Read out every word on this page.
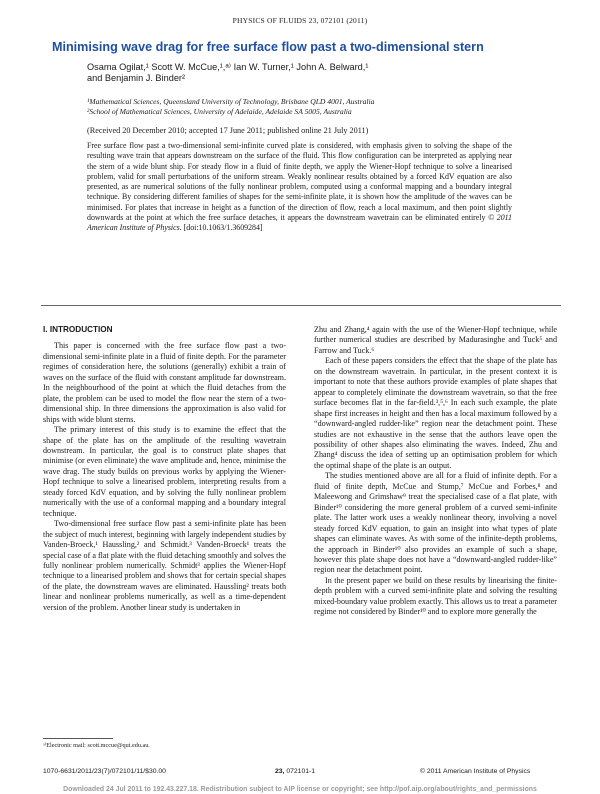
PHYSICS OF FLUIDS 23, 072101 (2011)
Minimising wave drag for free surface flow past a two-dimensional stern
Osama Ogilat,¹ Scott W. McCue,¹,ᵃ⁾ Ian W. Turner,¹ John A. Belward,¹
and Benjamin J. Binder²
¹Mathematical Sciences, Queensland University of Technology, Brisbane QLD 4001, Australia
²School of Mathematical Sciences, University of Adelaide, Adelaide SA 5005, Australia
(Received 20 December 2010; accepted 17 June 2011; published online 21 July 2011)
Free surface flow past a two-dimensional semi-infinite curved plate is considered, with emphasis given to solving the shape of the resulting wave train that appears downstream on the surface of the fluid. This flow configuration can be interpreted as applying near the stern of a wide blunt ship. For steady flow in a fluid of finite depth, we apply the Wiener-Hopf technique to solve a linearised problem, valid for small perturbations of the uniform stream. Weakly nonlinear results obtained by a forced KdV equation are also presented, as are numerical solutions of the fully nonlinear problem, computed using a conformal mapping and a boundary integral technique. By considering different families of shapes for the semi-infinite plate, it is shown how the amplitude of the waves can be minimised. For plates that increase in height as a function of the direction of flow, reach a local maximum, and then point slightly downwards at the point at which the free surface detaches, it appears the downstream wavetrain can be eliminated entirely © 2011 American Institute of Physics. [doi:10.1063/1.3609284]

I. INTRODUCTION

This paper is concerned with the free surface flow past a two-dimensional semi-infinite plate in a fluid of finite depth. For the parameter regimes of consideration here, the solutions (generally) exhibit a train of waves on the surface of the fluid with constant amplitude far downstream. In the neighbourhood of the point at which the fluid detaches from the plate, the problem can be used to model the flow near the stern of a two-dimensional ship. In three dimensions the approximation is also valid for ships with wide blunt sterns.

The primary interest of this study is to examine the effect that the shape of the plate has on the amplitude of the resulting wavetrain downstream. In particular, the goal is to construct plate shapes that minimise (or even eliminate) the wave amplitude and, hence, minimise the wave drag. The study builds on previous works by applying the Wiener-Hopf technique to solve a linearised problem, interpreting results from a steady forced KdV equation, and by solving the fully nonlinear problem numerically with the use of a conformal mapping and a boundary integral technique.

Two-dimensional free surface flow past a semi-infinite plate has been the subject of much interest, beginning with largely independent studies by Vanden-Broeck,¹ Haussling,² and Schmidt.³ Vanden-Broeck¹ treats the special case of a flat plate with the fluid detaching smoothly and solves the fully nonlinear problem numerically. Schmidt³ applies the Wiener-Hopf technique to a linearised problem and shows that for certain special shapes of the plate, the downstream waves are eliminated. Haussling² treats both linear and nonlinear problems numerically, as well as a time-dependent version of the problem. Another linear study is undertaken in

Zhu and Zhang,⁴ again with the use of the Wiener-Hopf technique, while further numerical studies are described by Madurasinghe and Tuck⁵ and Farrow and Tuck.⁶

Each of these papers considers the effect that the shape of the plate has on the downstream wavetrain. In particular, in the present context it is important to note that these authors provide examples of plate shapes that appear to completely eliminate the downstream wavetrain, so that the free surface becomes flat in the far-field.³,⁵,⁶ In each such example, the plate shape first increases in height and then has a local maximum followed by a “downward-angled rudder-like” region near the detachment point. These studies are not exhaustive in the sense that the authors leave open the possibility of other shapes also eliminating the waves. Indeed, Zhu and Zhang⁴ discuss the idea of setting up an optimisation problem for which the optimal shape of the plate is an output.

The studies mentioned above are all for a fluid of infinite depth. For a fluid of finite depth, McCue and Stump,⁷ McCue and Forbes,⁸ and Maleewong and Grimshaw⁹ treat the specialised case of a flat plate, with Binder¹⁰ considering the more general problem of a curved semi-infinite plate. The latter work uses a weakly nonlinear theory, involving a novel steady forced KdV equation, to gain an insight into what types of plate shapes can eliminate waves. As with some of the infinite-depth problems, the approach in Binder¹⁰ also provides an example of such a shape, however this plate shape does not have a “downward-angled rudder-like” region near the detachment point.

In the present paper we build on these results by linearising the finite-depth problem with a curved semi-infinite plate and solving the resulting mixed-boundary value problem exactly. This allows us to treat a parameter regime not considered by Binder¹⁰ and to explore more generally the

ᵃ⁾Electronic mail: scott.mccue@qut.edu.au.
1070-6631/2011/23(7)/072101/11/$30.00	23, 072101-1	© 2011 American Institute of Physics
Downloaded 24 Jul 2011 to 192.43.227.18. Redistribution subject to AIP license or copyright; see http://pof.aip.org/about/rights_and_permissions
